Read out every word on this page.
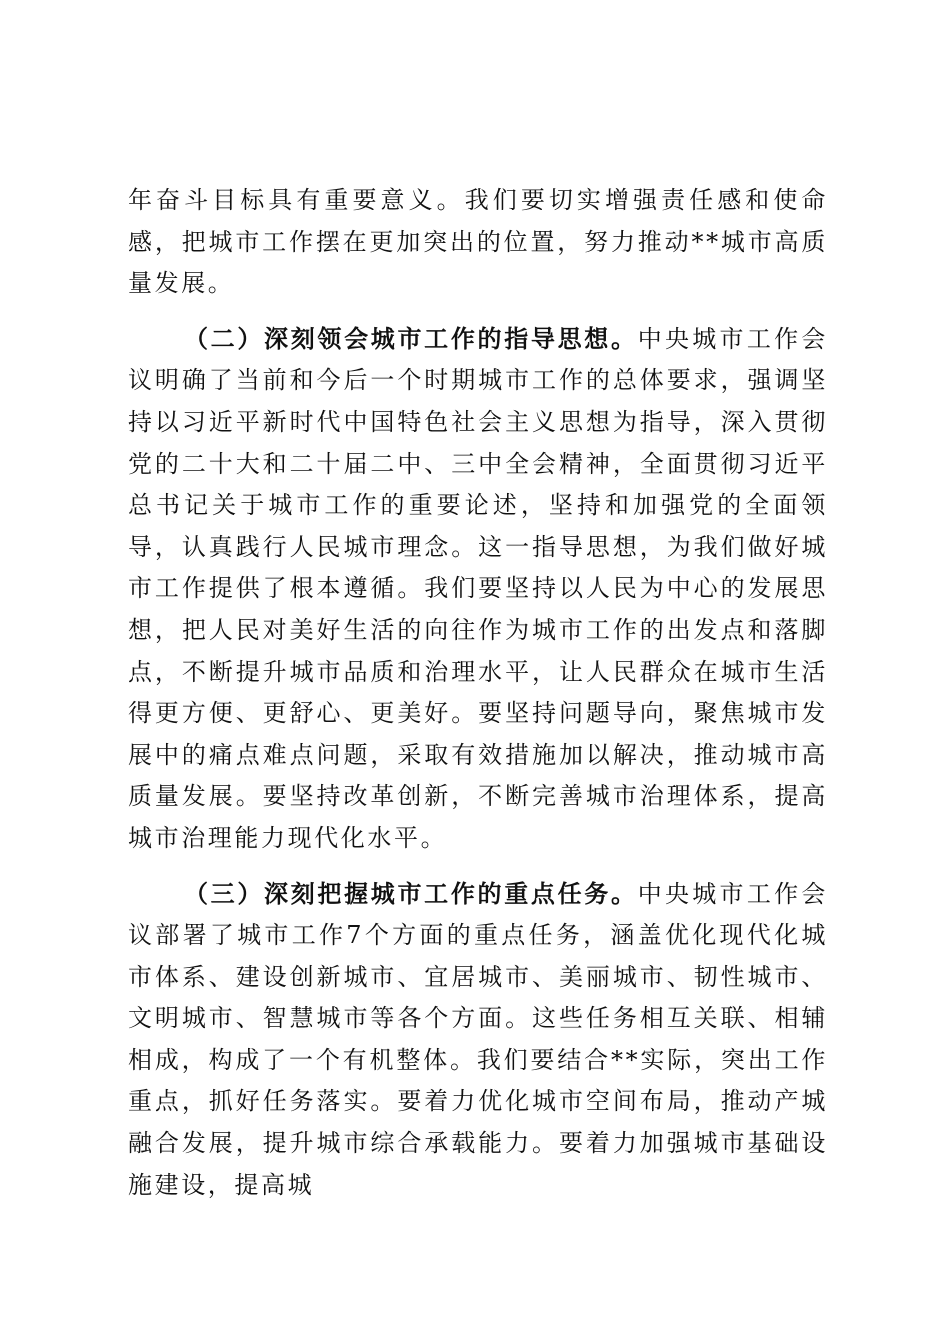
年奋斗目标具有重要意义。我们要切实增强责任感和使命感，把城市工作摆在更加突出的位置，努力推动**城市高质量发展。

（二）深刻领会城市工作的指导思想。中央城市工作会议明确了当前和今后一个时期城市工作的总体要求，强调坚持以习近平新时代中国特色社会主义思想为指导，深入贯彻党的二十大和二十届二中、三中全会精神，全面贯彻习近平总书记关于城市工作的重要论述，坚持和加强党的全面领导，认真践行人民城市理念。这一指导思想，为我们做好城市工作提供了根本遵循。我们要坚持以人民为中心的发展思想，把人民对美好生活的向往作为城市工作的出发点和落脚点，不断提升城市品质和治理水平，让人民群众在城市生活得更方便、更舒心、更美好。要坚持问题导向，聚焦城市发展中的痛点难点问题，采取有效措施加以解决，推动城市高质量发展。要坚持改革创新，不断完善城市治理体系，提高城市治理能力现代化水平。

（三）深刻把握城市工作的重点任务。中央城市工作会议部署了城市工作7个方面的重点任务，涵盖优化现代化城市体系、建设创新城市、宜居城市、美丽城市、韧性城市、文明城市、智慧城市等各个方面。这些任务相互关联、相辅相成，构成了一个有机整体。我们要结合**实际，突出工作重点，抓好任务落实。要着力优化城市空间布局，推动产城融合发展，提升城市综合承载能力。要着力加强城市基础设施建设，提高城
